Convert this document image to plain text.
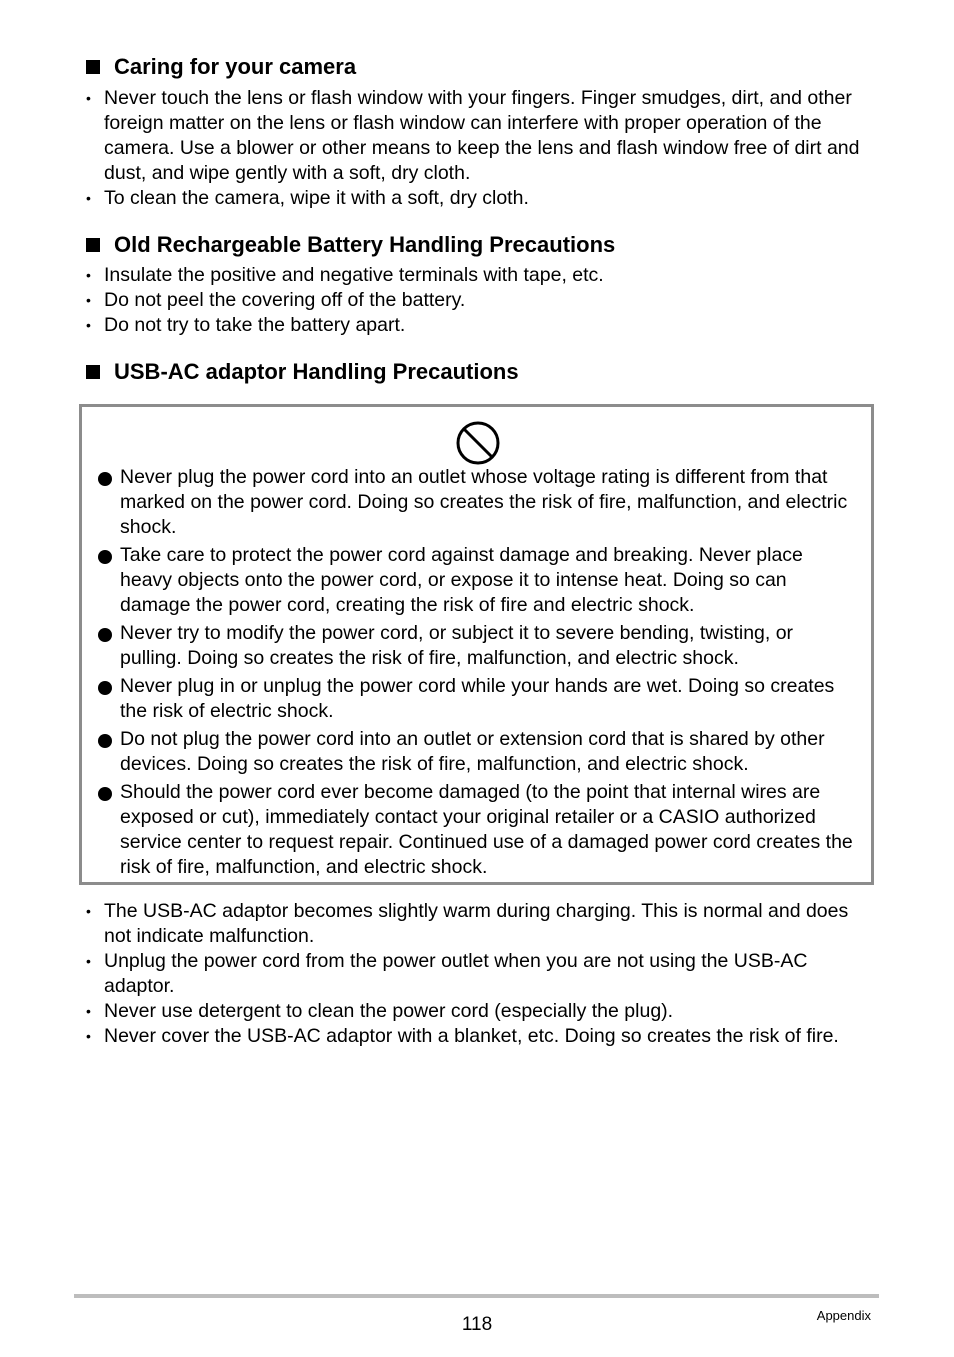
Caring for your camera
• Never touch the lens or flash window with your fingers. Finger smudges, dirt, and other foreign matter on the lens or flash window can interfere with proper operation of the camera. Use a blower or other means to keep the lens and flash window free of dirt and dust, and wipe gently with a soft, dry cloth.
• To clean the camera, wipe it with a soft, dry cloth.
Old Rechargeable Battery Handling Precautions
• Insulate the positive and negative terminals with tape, etc.
• Do not peel the covering off of the battery.
• Do not try to take the battery apart.
USB-AC adaptor Handling Precautions
Never plug the power cord into an outlet whose voltage rating is different from that marked on the power cord. Doing so creates the risk of fire, malfunction, and electric shock.
Take care to protect the power cord against damage and breaking. Never place heavy objects onto the power cord, or expose it to intense heat. Doing so can damage the power cord, creating the risk of fire and electric shock.
Never try to modify the power cord, or subject it to severe bending, twisting, or pulling. Doing so creates the risk of fire, malfunction, and electric shock.
Never plug in or unplug the power cord while your hands are wet. Doing so creates the risk of electric shock.
Do not plug the power cord into an outlet or extension cord that is shared by other devices. Doing so creates the risk of fire, malfunction, and electric shock.
Should the power cord ever become damaged (to the point that internal wires are exposed or cut), immediately contact your original retailer or a CASIO authorized service center to request repair. Continued use of a damaged power cord creates the risk of fire, malfunction, and electric shock.
• The USB-AC adaptor becomes slightly warm during charging. This is normal and does not indicate malfunction.
• Unplug the power cord from the power outlet when you are not using the USB-AC adaptor.
• Never use detergent to clean the power cord (especially the plug).
• Never cover the USB-AC adaptor with a blanket, etc. Doing so creates the risk of fire.
118	Appendix
